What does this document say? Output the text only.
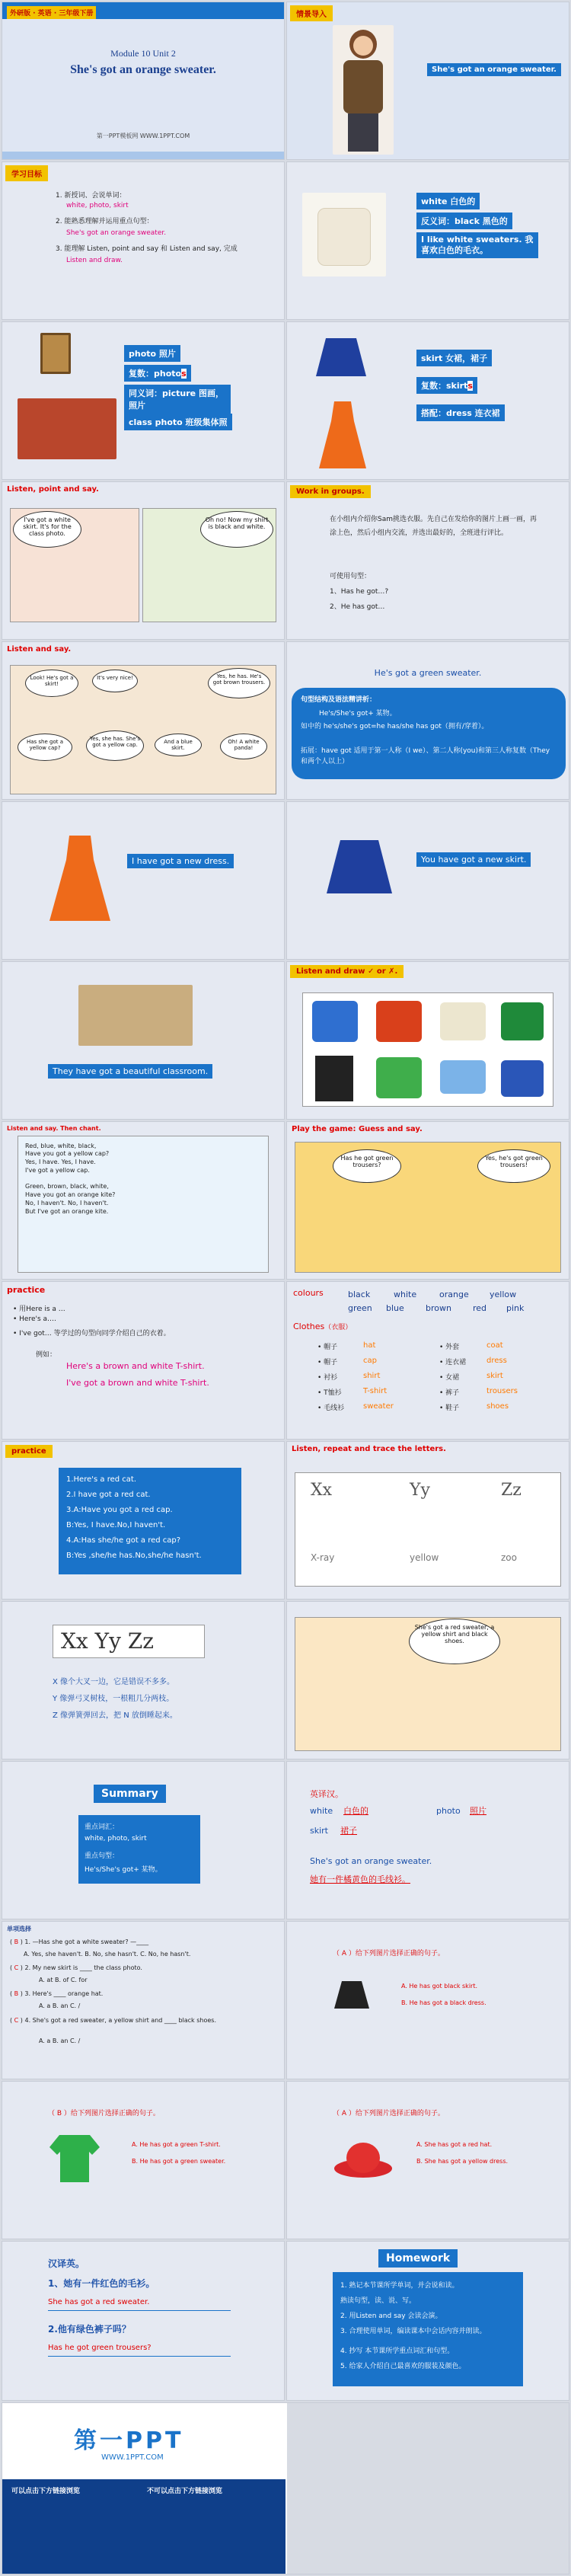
外研版 · 英语 · 三年级下册
Module 10 Unit 2
She's got an orange sweater.
第一PPT模板网 WWW.1PPT.COM
情景导入
She's got an orange sweater.
学习目标
1. 新授词、会说单词：
white, photo, skirt
2. 能熟悉理解并运用重点句型：
She's got an orange sweater.
3. 能理解 Listen, point and say 和 Listen and say, 完成
Listen and draw.
white 白色的
反义词：black 黑色的
I like white sweaters. 我喜欢白色的毛衣。
photo 照片
复数：photos
同义词：picture 图画，照片
class photo 班级集体照
skirt 女裙，裙子
复数：skirts
搭配：dress 连衣裙
Listen, point and say.
I've got a white skirt. It's for the class photo.
Oh no! Now my shirt is black and white.
Work in groups.
在小组内介绍你Sam挑选衣服。先自己在发给你的图片上画一画，再涂上色，然后小组内交流，并选出最好的，全班进行评比。
可使用句型：
1、Has he got…?
2、He has got…
Listen and say.
Look! He's got a skirt!
It's very nice!	Yes, he has. He's got brown trousers.
Has she got a yellow cap?
Yes, she has. She's got a yellow cap.	And a blue skirt.
Oh! A white panda!
He's got a green sweater.
句型结构及语法精讲析：
He's/She's got+ 某物。
如中的 he's/she's got=he has/she has got（拥有/穿着）。
拓展：have got 适用于第一人称（I we）、第二人称(you)和第三人称复数（They 和两个人以上）
I have got a new dress.	You have got a new skirt.
They have got a beautiful classroom.
Listen and draw ✓ or ✗.
Listen and say. Then chant.
Red, blue, white, black,
Have you got a yellow cap?
Yes, I have. Yes, I have.
I've got a yellow cap.
Green, brown, black, white,
Have you got an orange kite?
No, I haven't. No, I haven't.
But I've got an orange kite.
Play the game: Guess and say.
Has he got green trousers?
Yes, he's got green trousers!
practice
• 用Here is a …
• Here's a….
• I've got… 等学过的句型向同学介绍自己的衣着。
例如：
Here's a brown and white T-shirt.
I've got a brown and white T-shirt.
colours	black	white	orange yellow
green blue	brown	red pink
Clothes（衣服）
• 帽子	hat
• 帽子	cap
• 衬衫	shirt
• T恤衫	T-shirt
• 毛线衫 sweater
• 外套	coat
• 连衣裙	dress
• 女裙	skirt
• 裤子	trousers
• 鞋子	shoes
practice
1.Here's a red cat.
2.I have got a red cat.
3.A:Have you got a red cap.
B:Yes, I have.No,I haven't.
4.A:Has she/he got a red cap?
B:Yes ,she/he has.No,she/he hasn't.
Listen, repeat and trace the letters.
Xx	Yy	Zz
X-ray	yellow	zoo
Xx Yy Zz
X 像个大叉一边，它是错误不多多。
Y 像弹弓叉树枝，一根粗几分两枝。
Z 像弹簧弹回去，把 N 放倒睡起来。
She's got a red sweater, a yellow shirt and black shoes.
Summary
重点词汇：
white, photo, skirt
重点句型：
He's/She's got+ 某物。
英译汉。
white 白色的	photo 照片
skirt 裙子
She's got an orange sweater.
她有一件橘黄色的毛线衫。
单项选择
( B ) 1. —Has she got a white sweater? —____
A. Yes, she haven't. B. No, she hasn't. C. No, he hasn't.
( C ) 2. My new skirt is ____ the class photo.
A. at B. of C. for
( B ) 3. Here's ____ orange hat.
A. a B. an C. /
( C ) 4. She's got a red sweater, a yellow shirt and ____ black shoes.
A. a B. an C. /
（ A ）给下列图片选择正确的句子。
A. He has got black skirt.
B. He has got a black dress.
（ B ）给下列图片选择正确的句子。
A. He has got a green T-shirt.
B. He has got a green sweater.
（ A ）给下列图片选择正确的句子。
A. She has got a red hat.
B. She has got a yellow dress.
汉译英。
1、她有一件红色的毛衫。
She has got a red sweater.
2.他有绿色裤子吗？
Has he got green trousers?
Homework
1. 熟记本节课所学单词，并会说和读。
熟读句型，读、说、写。
2. 用Listen and say 会读会演。
3. 合理使用单词，编读课本中会话内容并朗读。
4. 抄写 本节课所学重点词汇和句型。
5. 给家人介绍自己最喜欢的服装及颜色。
第一PPT
WWW.1PPT.COM
可以点击下方链接浏览	不可以点击下方链接浏览
